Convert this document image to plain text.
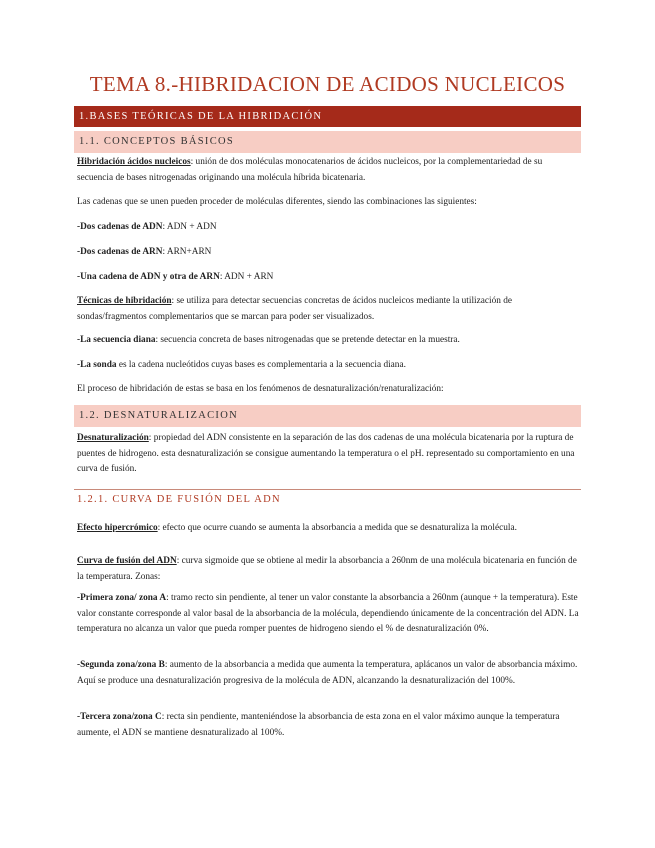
TEMA 8.-HIBRIDACION DE ACIDOS NUCLEICOS
1.BASES TEÓRICAS DE LA HIBRIDACIÓN
1.1. CONCEPTOS BÁSICOS
Hibridación ácidos nucleicos: unión de dos moléculas monocatenarios de ácidos nucleicos, por la complementariedad de su secuencia de bases nitrogenadas originando una molécula híbrida bicatenaria.
Las cadenas que se unen pueden proceder de moléculas diferentes, siendo las combinaciones las siguientes:
-Dos cadenas de ADN: ADN + ADN
-Dos cadenas de ARN: ARN+ARN
-Una cadena de ADN y otra de ARN: ADN + ARN
Técnicas de hibridación: se utiliza para detectar secuencias concretas de ácidos nucleicos mediante la utilización de sondas/fragmentos complementarios que se marcan para poder ser visualizados.
-La secuencia diana: secuencia concreta de bases nitrogenadas que se pretende detectar en la muestra.
-La sonda es la cadena nucleótidos cuyas bases es complementaria a la secuencia diana.
El proceso de hibridación de estas se basa en los fenómenos de desnaturalización/renaturalización:
1.2. DESNATURALIZACION
Desnaturalización: propiedad del ADN consistente en la separación de las dos cadenas de una molécula bicatenaria por la ruptura de puentes de hidrogeno. esta desnaturalización se consigue aumentando la temperatura o el pH. representado su comportamiento en una curva de fusión.
1.2.1. CURVA DE FUSIÓN DEL ADN
Efecto hipercrómico: efecto que ocurre cuando se aumenta la absorbancia a medida que se desnaturaliza la molécula.
Curva de fusión del ADN: curva sigmoide que se obtiene al medir la absorbancia a 260nm de una molécula bicatenaria en función de la temperatura. Zonas:
-Primera zona/ zona A: tramo recto sin pendiente, al tener un valor constante la absorbancia a 260nm (aunque + la temperatura). Este valor constante corresponde al valor basal de la absorbancia de la molécula, dependiendo únicamente de la concentración del ADN. La temperatura no alcanza un valor que pueda romper puentes de hidrogeno siendo el % de desnaturalización 0%.
-Segunda zona/zona B: aumento de la absorbancia a medida que aumenta la temperatura, aplácanos un valor de absorbancia máximo. Aquí se produce una desnaturalización progresiva de la molécula de ADN, alcanzando la desnaturalización del 100%.
-Tercera zona/zona C: recta sin pendiente, manteniéndose la absorbancia de esta zona en el valor máximo aunque la temperatura aumente, el ADN se mantiene desnaturalizado al 100%.
